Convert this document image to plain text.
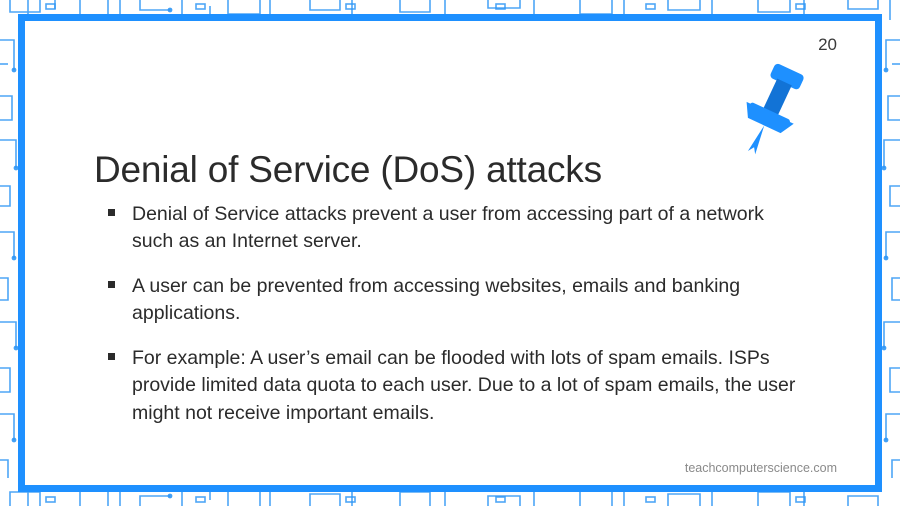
20
Denial of Service (DoS) attacks
Denial of Service attacks prevent a user from accessing part of a network such as an Internet server.
A user can be prevented from accessing websites, emails and banking applications.
For example: A user’s email can be flooded with lots of spam emails. ISPs provide limited data quota to each user. Due to a lot of spam emails, the user might not receive important emails.
teachcomputerscience.com
